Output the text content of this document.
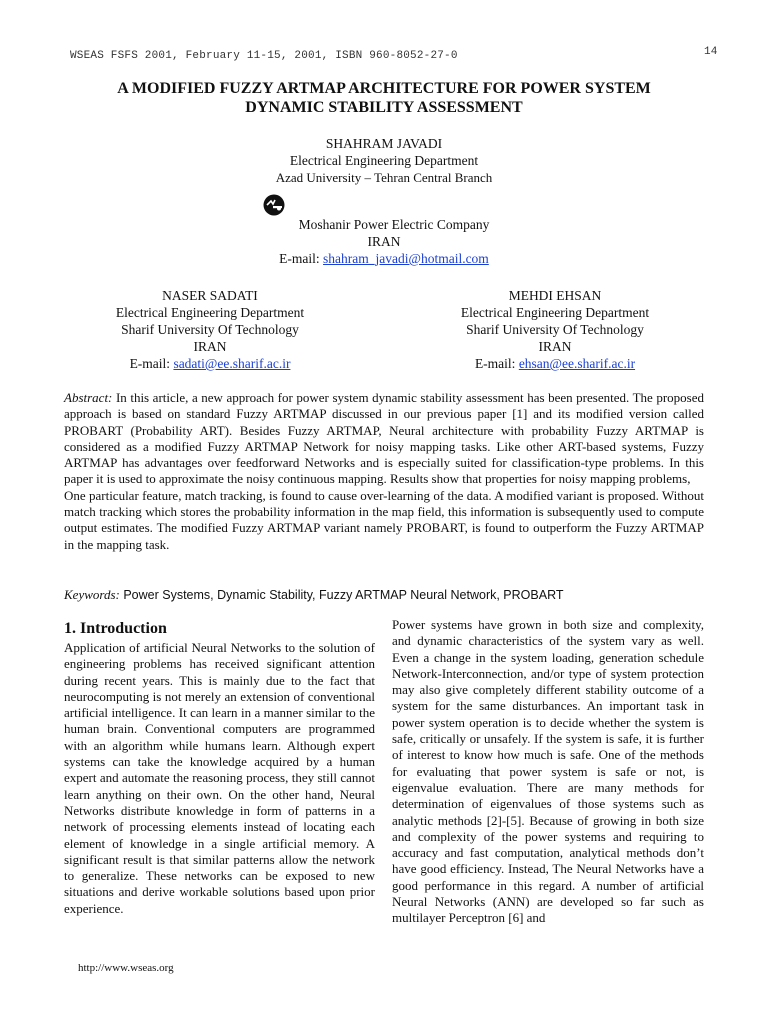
WSEAS FSFS 2001, February 11-15, 2001, ISBN 960-8052-27-0	14
A MODIFIED FUZZY ARTMAP ARCHITECTURE FOR POWER SYSTEM
DYNAMIC STABILITY ASSESSMENT
SHAHRAM JAVADI
Electrical Engineering Department
Azad University – Tehran Central Branch
Moshanir Power Electric Company
IRAN
E-mail: shahram_javadi@hotmail.com
NASER SADATI
Electrical Engineering Department
Sharif University Of Technology
IRAN
E-mail: sadati@ee.sharif.ac.ir
MEHDI EHSAN
Electrical Engineering Department
Sharif University Of Technology
IRAN
E-mail: ehsan@ee.sharif.ac.ir

Abstract: In this article, a new approach for power system dynamic stability assessment has been presented. The proposed approach is based on standard Fuzzy ARTMAP discussed in our previous paper [1] and its modified version called PROBART (Probability ART). Besides Fuzzy ARTMAP, Neural architecture with probability Fuzzy ARTMAP is considered as a modified Fuzzy ARTMAP Network for noisy mapping tasks. Like other ART-based systems, Fuzzy ARTMAP has advantages over feedforward Networks and is especially suited for classification-type problems. In this paper it is used to approximate the noisy continuous mapping. Results show that properties for noisy mapping problems,

One particular feature, match tracking, is found to cause over-learning of the data. A modified variant is proposed. Without match tracking which stores the probability information in the map field, this information is subsequently used to compute output estimates. The modified Fuzzy ARTMAP variant namely PROBART, is found to outperform the Fuzzy ARTMAP in the mapping task.

Keywords: Power Systems, Dynamic Stability, Fuzzy ARTMAP Neural Network, PROBART
1. Introduction

Application of artificial Neural Networks to the solution of engineering problems has received significant attention during recent years. This is mainly due to the fact that neurocomputing is not merely an extension of conventional artificial intelligence. It can learn in a manner similar to the human brain. Conventional computers are programmed with an algorithm while humans learn. Although expert systems can take the knowledge acquired by a human expert and automate the reasoning process, they still cannot learn anything on their own. On the other hand, Neural Networks distribute knowledge in form of patterns in a network of processing elements instead of locating each element of knowledge in a single artificial memory. A significant result is that similar patterns allow the network to generalize. These networks can be exposed to new situations and derive workable solutions based upon prior experience.

Power systems have grown in both size and complexity, and dynamic characteristics of the system vary as well. Even a change in the system loading, generation schedule Network-Interconnection, and/or type of system protection may also give completely different stability outcome of a system for the same disturbances. An important task in power system operation is to decide whether the system is safe, critically or unsafely. If the system is safe, it is further of interest to know how much is safe. One of the methods for evaluating that power system is safe or not, is eigenvalue evaluation. There are many methods for determination of eigenvalues of those systems such as analytic methods [2]-[5]. Because of growing in both size and complexity of the power systems and requiring to accuracy and fast computation, analytical methods don’t have good efficiency. Instead, The Neural Networks have a good performance in this regard. A number of artificial Neural Networks (ANN) are developed so far such as multilayer Perceptron [6] and

http://www.wseas.org
